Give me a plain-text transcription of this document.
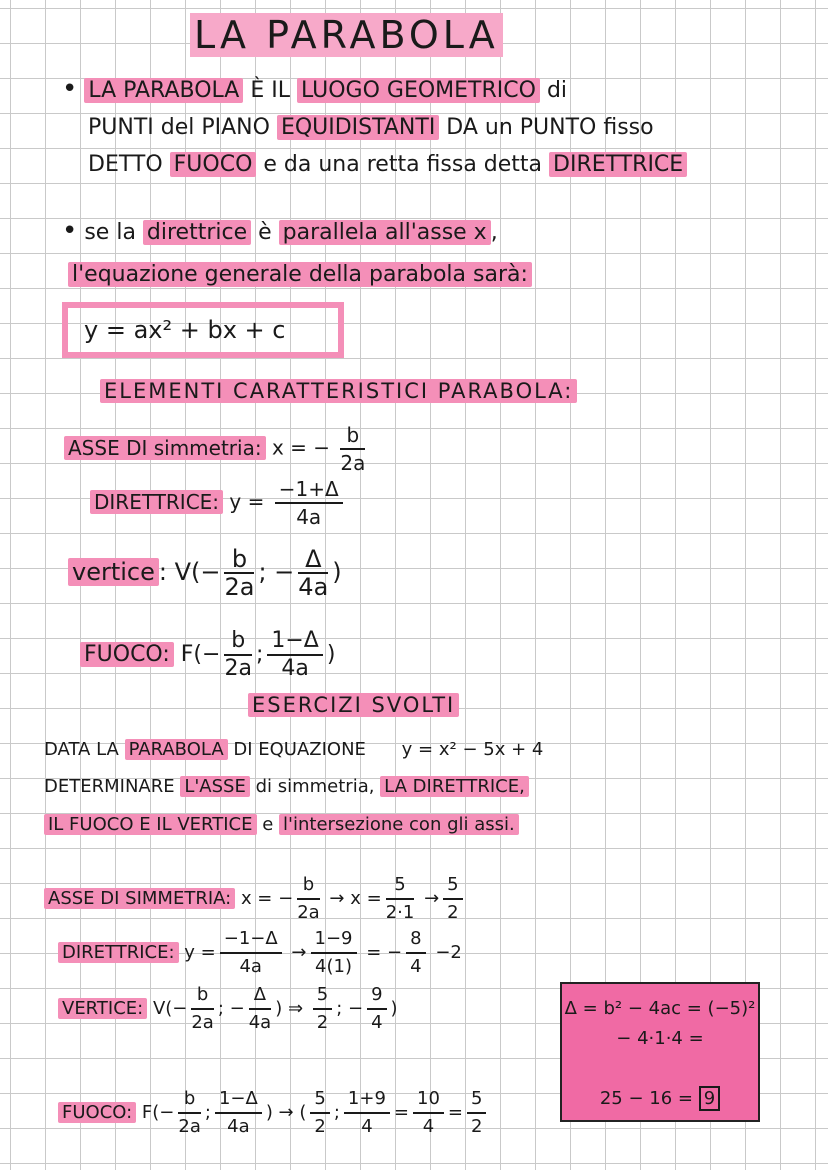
LA PARABOLA
• LA PARABOLA È IL LUOGO GEOMETRICO di
PUNTI del PIANO EQUIDISTANTI DA un PUNTO fisso
DETTO FUOCO e da una retta fissa detta DIRETTRICE
• se la direttrice è parallela all'asse x ,
l'equazione generale della parabola sarà:
y = ax² + bx + c
ELEMENTI CARATTERISTICI PARABOLA:
ASSE DI simmetria: x = − $\frac{b}{2a}$
DIRETTRICE: $y = \frac{-1+\Delta}{4a}$
vertice : $V(- \frac{b}{2a}$ ; − $\frac{\Delta}{4a}$ )
FUOCO: $F(- \frac{b}{2a}$ ; $\frac{1-\Delta}{4a}$ )
ESERCIZI SVOLTI
DATA LA PARABOLA DI EQUAZIONE y = x² − 5x + 4
DETERMINARE L'ASSE di simmetria, LA DIRETTRICE,
IL FUOCO E IL VERTICE e l'intersezione con gli assi.
ASSE DI SIMMETRIA: x = − $\frac{b}{2a} \to x = \frac{5}{2\cdot 1} \to \frac{5}{2}$
DIRETTRICE: $y = \frac{-1-\Delta}{4a} \to \frac{1-9}{4(1)}$ = − $\frac{8}{4} -2$
VERTICE: $V(- \frac{b}{2a}$ ; − $\frac{\Delta}{4a}$ ) ⇒ $\frac{5}{2}$ ; − $\frac{9}{4}$ )
FUOCO: $F(- \frac{b}{2a}$ ; $\frac{1-\Delta}{4a}$ ) → ( $\frac{5}{2}$ ; $\frac{1+9}{4} = \frac{10}{4} = \frac{5}{2}$
Δ = b² − 4ac = (−5)²
− 4·1·4 =
25 − 16 = 9
